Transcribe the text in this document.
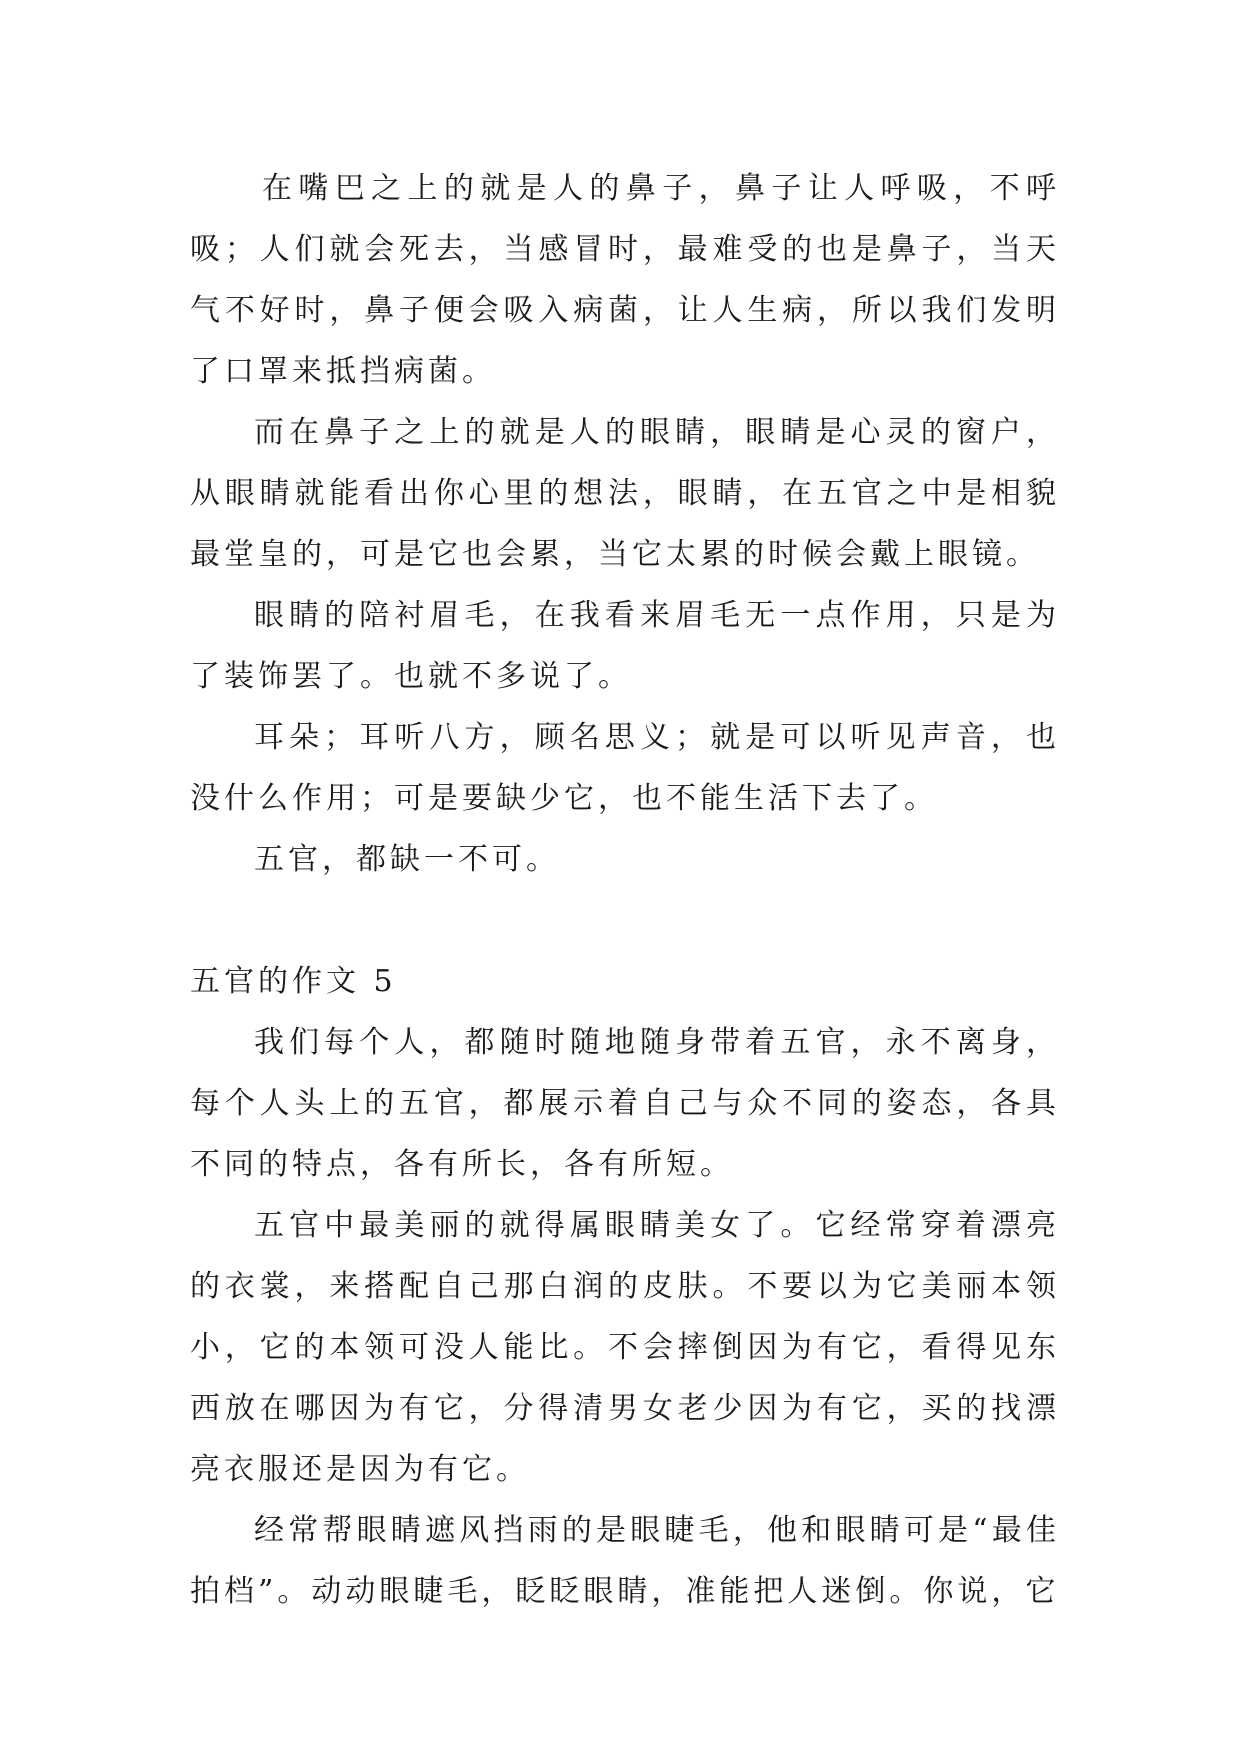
在嘴巴之上的就是人的鼻子，鼻子让人呼吸，不呼吸；人们就会死去，当感冒时，最难受的也是鼻子，当天气不好时，鼻子便会吸入病菌，让人生病，所以我们发明了口罩来抵挡病菌。

而在鼻子之上的就是人的眼睛，眼睛是心灵的窗户，从眼睛就能看出你心里的想法，眼睛，在五官之中是相貌最堂皇的，可是它也会累，当它太累的时候会戴上眼镜。

眼睛的陪衬眉毛，在我看来眉毛无一点作用，只是为了装饰罢了。也就不多说了。

耳朵；耳听八方，顾名思义；就是可以听见声音，也没什么作用；可是要缺少它，也不能生活下去了。

五官，都缺一不可。

五官的作文 5

我们每个人，都随时随地随身带着五官，永不离身，每个人头上的五官，都展示着自己与众不同的姿态，各具不同的特点，各有所长，各有所短。

五官中最美丽的就得属眼睛美女了。它经常穿着漂亮的衣裳，来搭配自己那白润的皮肤。不要以为它美丽本领小，它的本领可没人能比。不会摔倒因为有它，看得见东西放在哪因为有它，分得清男女老少因为有它，买的找漂亮衣服还是因为有它。

经常帮眼睛遮风挡雨的是眼睫毛，他和眼睛可是“最佳拍档”。动动眼睫毛，眨眨眼睛，准能把人迷倒。你说，它
